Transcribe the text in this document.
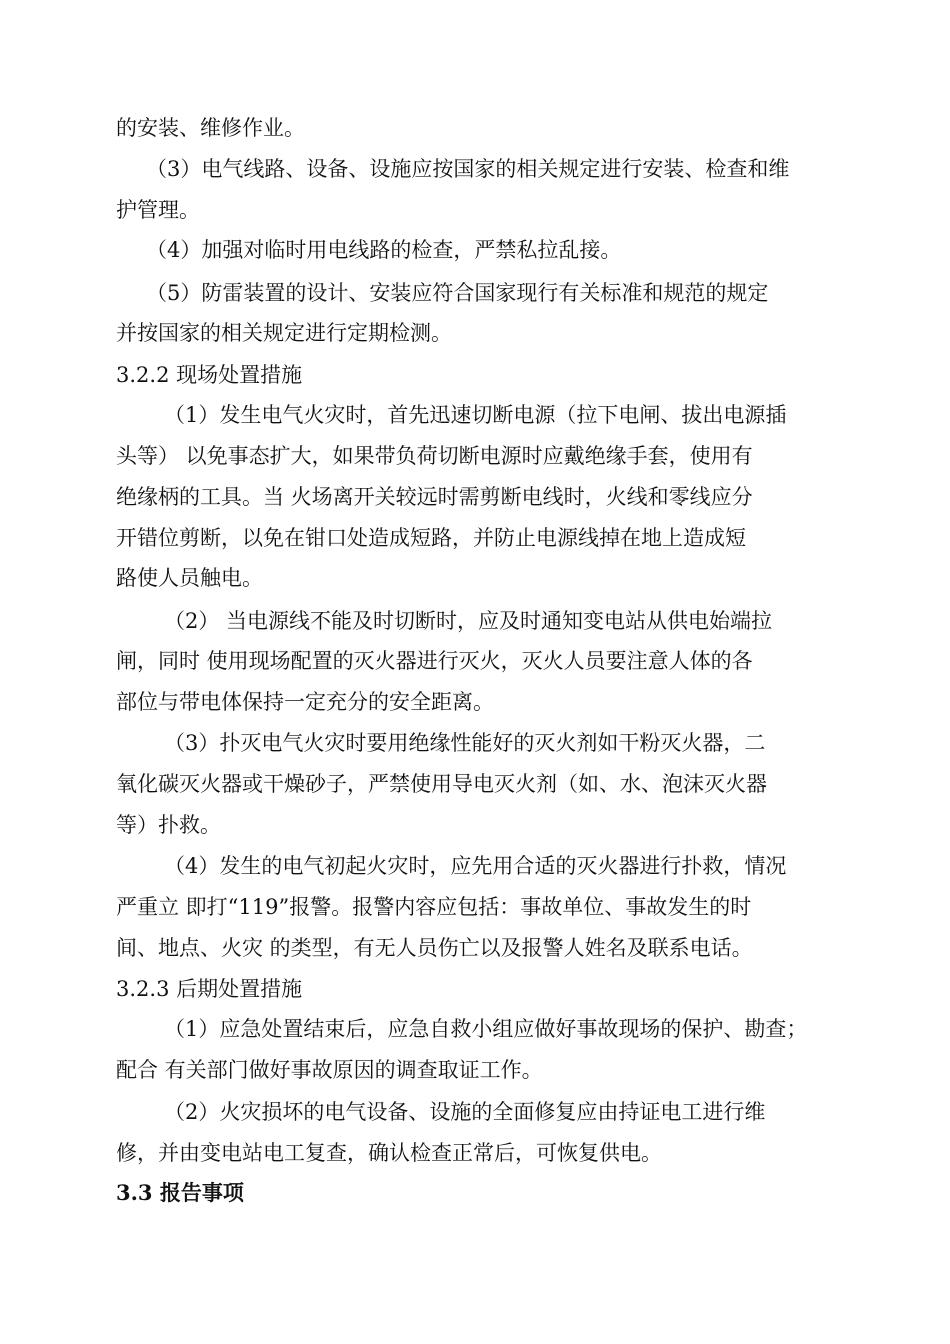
的安装、维修作业。
（3）电气线路、设备、设施应按国家的相关规定进行安装、检查和维
护管理。
（4）加强对临时用电线路的检查，严禁私拉乱接。
（5）防雷装置的设计、安装应符合国家现行有关标准和规范的规定
并按国家的相关规定进行定期检测。
3.2.2 现场处置措施
（1）发生电气火灾时，首先迅速切断电源（拉下电闸、拔出电源插
头等） 以免事态扩大，如果带负荷切断电源时应戴绝缘手套，使用有
绝缘柄的工具。当 火场离开关较远时需剪断电线时，火线和零线应分
开错位剪断，以免在钳口处造成短路，并防止电源线掉在地上造成短
路使人员触电。
（2） 当电源线不能及时切断时，应及时通知变电站从供电始端拉
闸，同时 使用现场配置的灭火器进行灭火，灭火人员要注意人体的各
部位与带电体保持一定充分的安全距离。
（3）扑灭电气火灾时要用绝缘性能好的灭火剂如干粉灭火器，二
氧化碳灭火器或干燥砂子，严禁使用导电灭火剂（如、水、泡沫灭火器
等）扑救。
（4）发生的电气初起火灾时，应先用合适的灭火器进行扑救，情况
严重立 即打“119”报警。报警内容应包括：事故单位、事故发生的时
间、地点、火灾 的类型，有无人员伤亡以及报警人姓名及联系电话。
3.2.3 后期处置措施
（1）应急处置结束后，应急自救小组应做好事故现场的保护、勘查；
配合 有关部门做好事故原因的调查取证工作。
（2）火灾损坏的电气设备、设施的全面修复应由持证电工进行维
修，并由变电站电工复查，确认检查正常后，可恢复供电。
3.3 报告事项
